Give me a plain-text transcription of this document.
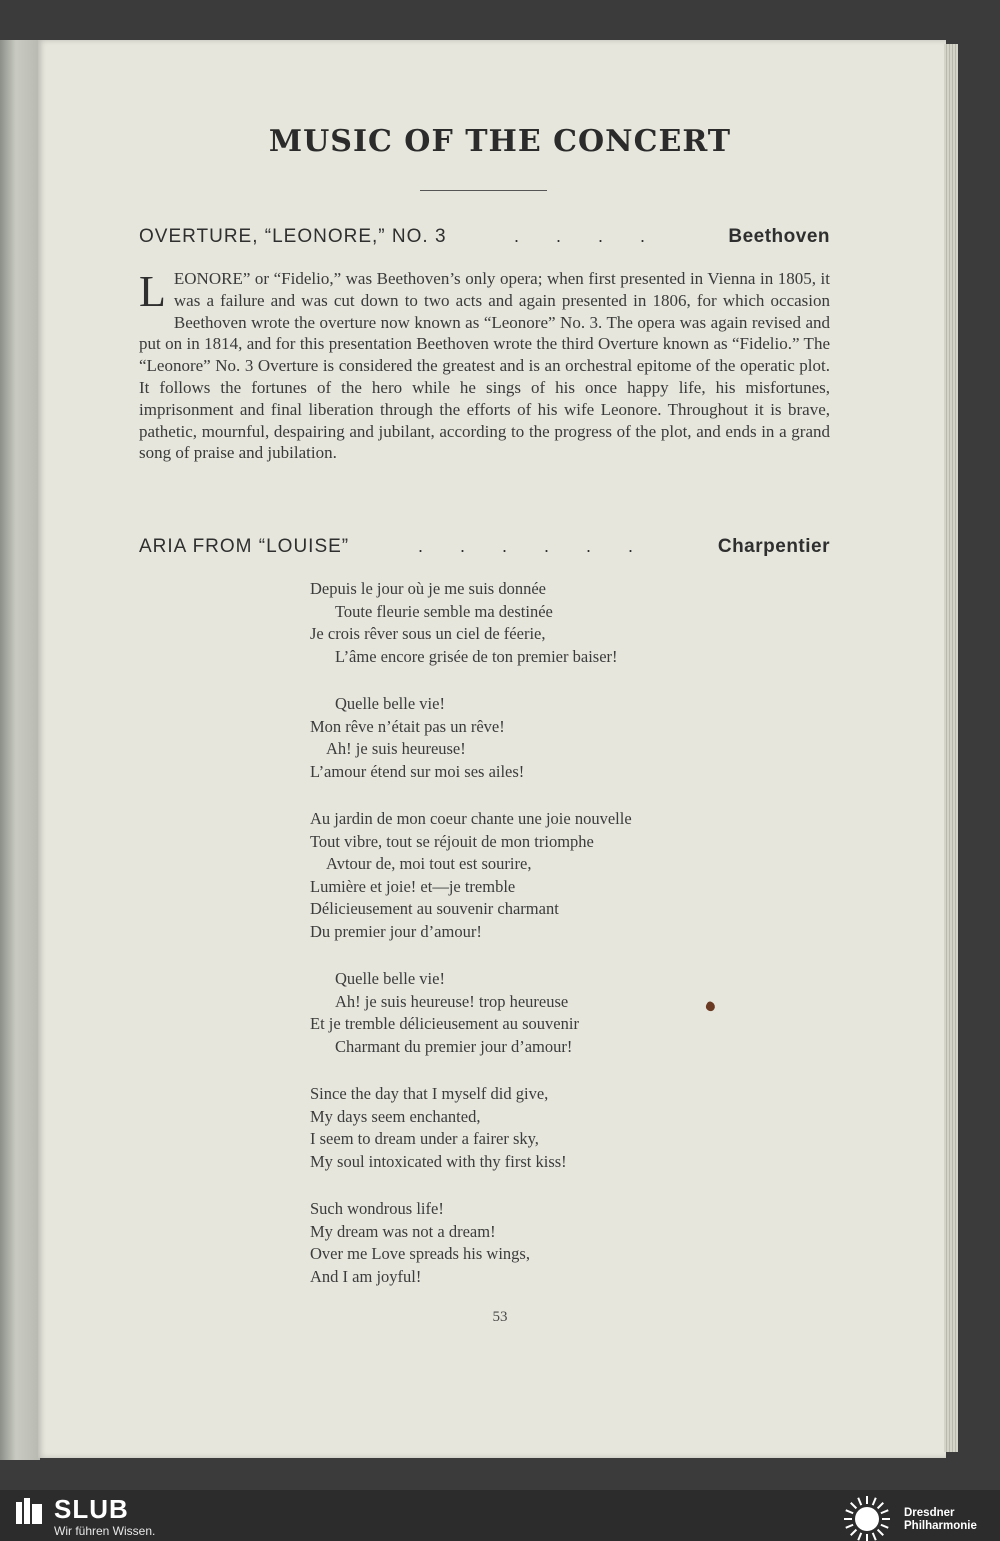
MUSIC OF THE CONCERT
OVERTURE, “LEONORE,” NO. 3	. . . .	Beethoven
LEONORE” or “Fidelio,” was Beethoven’s only opera; when first presented in Vienna in 1805, it was a failure and was cut down to two acts and again presented in 1806, for which occasion Beethoven wrote the overture now known as “Leonore” No. 3. The opera was again revised and put on in 1814, and for this presentation Beethoven wrote the third Overture known as “Fidelio.” The “Leonore” No. 3 Overture is considered the greatest and is an orchestral epitome of the operatic plot. It follows the fortunes of the hero while he sings of his once happy life, his misfortunes, imprisonment and final liberation through the efforts of his wife Leonore. Throughout it is brave, pathetic, mournful, despairing and jubilant, according to the progress of the plot, and ends in a grand song of praise and jubilation.
ARIA FROM “LOUISE”	. . . . . .	Charpentier
Depuis le jour où je me suis donnée
Toute fleurie semble ma destinée
Je crois rêver sous un ciel de féerie,
L’âme encore grisée de ton premier baiser!
Quelle belle vie!
Mon rêve n’était pas un rêve!
Ah! je suis heureuse!
L’amour étend sur moi ses ailes!
Au jardin de mon coeur chante une joie nouvelle
Tout vibre, tout se réjouit de mon triomphe
Avtour de, moi tout est sourire,
Lumière et joie! et—je tremble
Délicieusement au souvenir charmant
Du premier jour d’amour!
Quelle belle vie!
Ah! je suis heureuse! trop heureuse
Et je tremble délicieusement au souvenir
Charmant du premier jour d’amour!
Since the day that I myself did give,
My days seem enchanted,
I seem to dream under a fairer sky,
My soul intoxicated with thy first kiss!
Such wondrous life!
My dream was not a dream!
Over me Love spreads his wings,
And I am joyful!
53
SLUB
Wir führen Wissen.
Dresdner
Philharmonie
